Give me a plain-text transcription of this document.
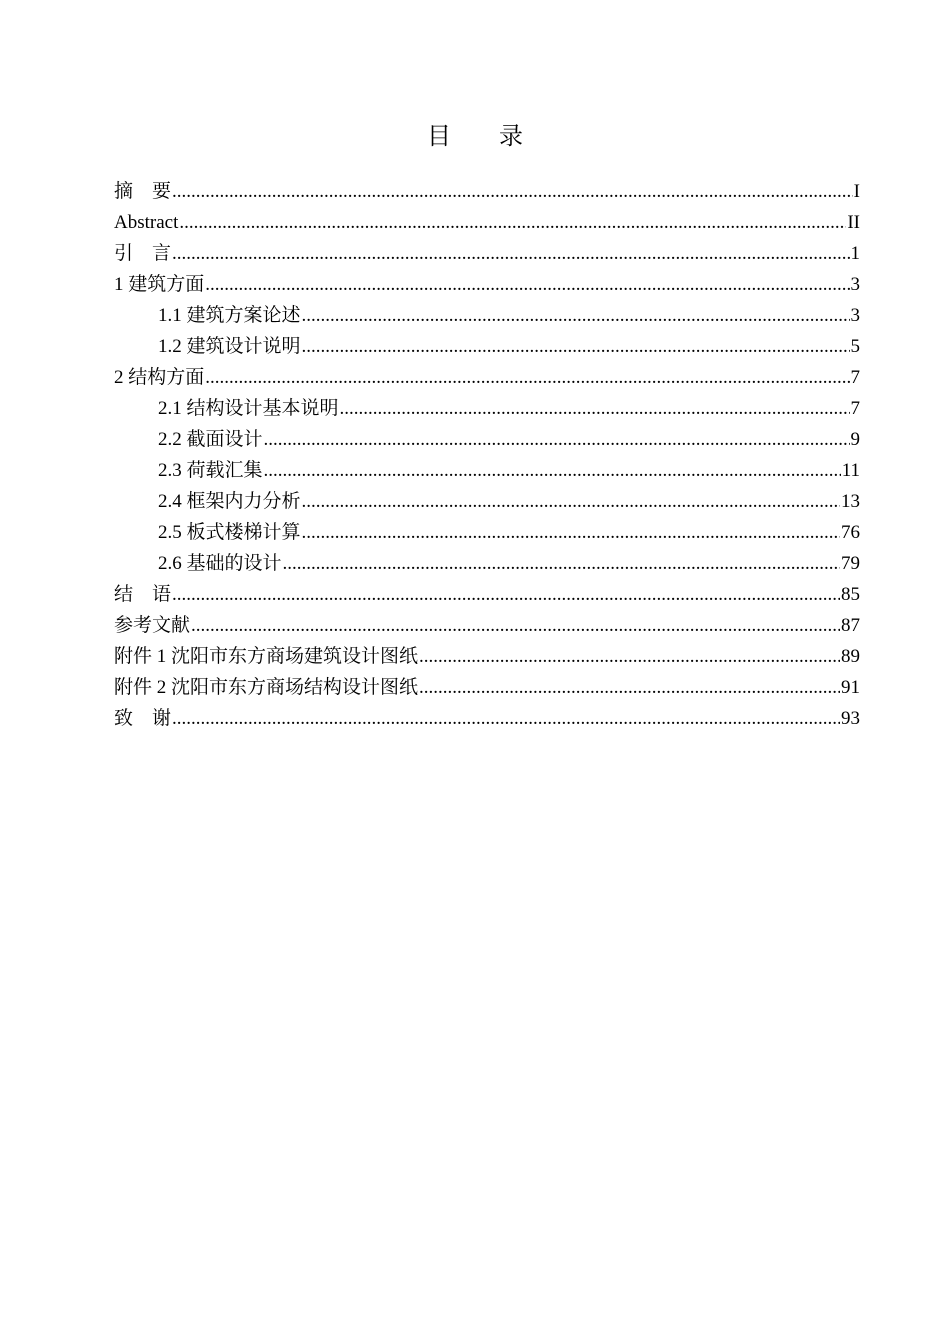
目　　录
摘　要 .....	I
Abstract .....	II
引　言 .....	1
1 建筑方面 .....	3
1.1 建筑方案论述 .....	3
1.2 建筑设计说明 .....	5
2 结构方面 .....	7
2.1 结构设计基本说明 .....	7
2.2 截面设计 .....	9
2.3 荷载汇集 .....	11
2.4 框架内力分析 .....	13
2.5 板式楼梯计算 .....	76
2.6 基础的设计 .....	79
结　语 .....	85
参考文献 .....	87
附件 1 沈阳市东方商场建筑设计图纸 .....	89
附件 2 沈阳市东方商场结构设计图纸 .....	91
致　谢 .....	93
